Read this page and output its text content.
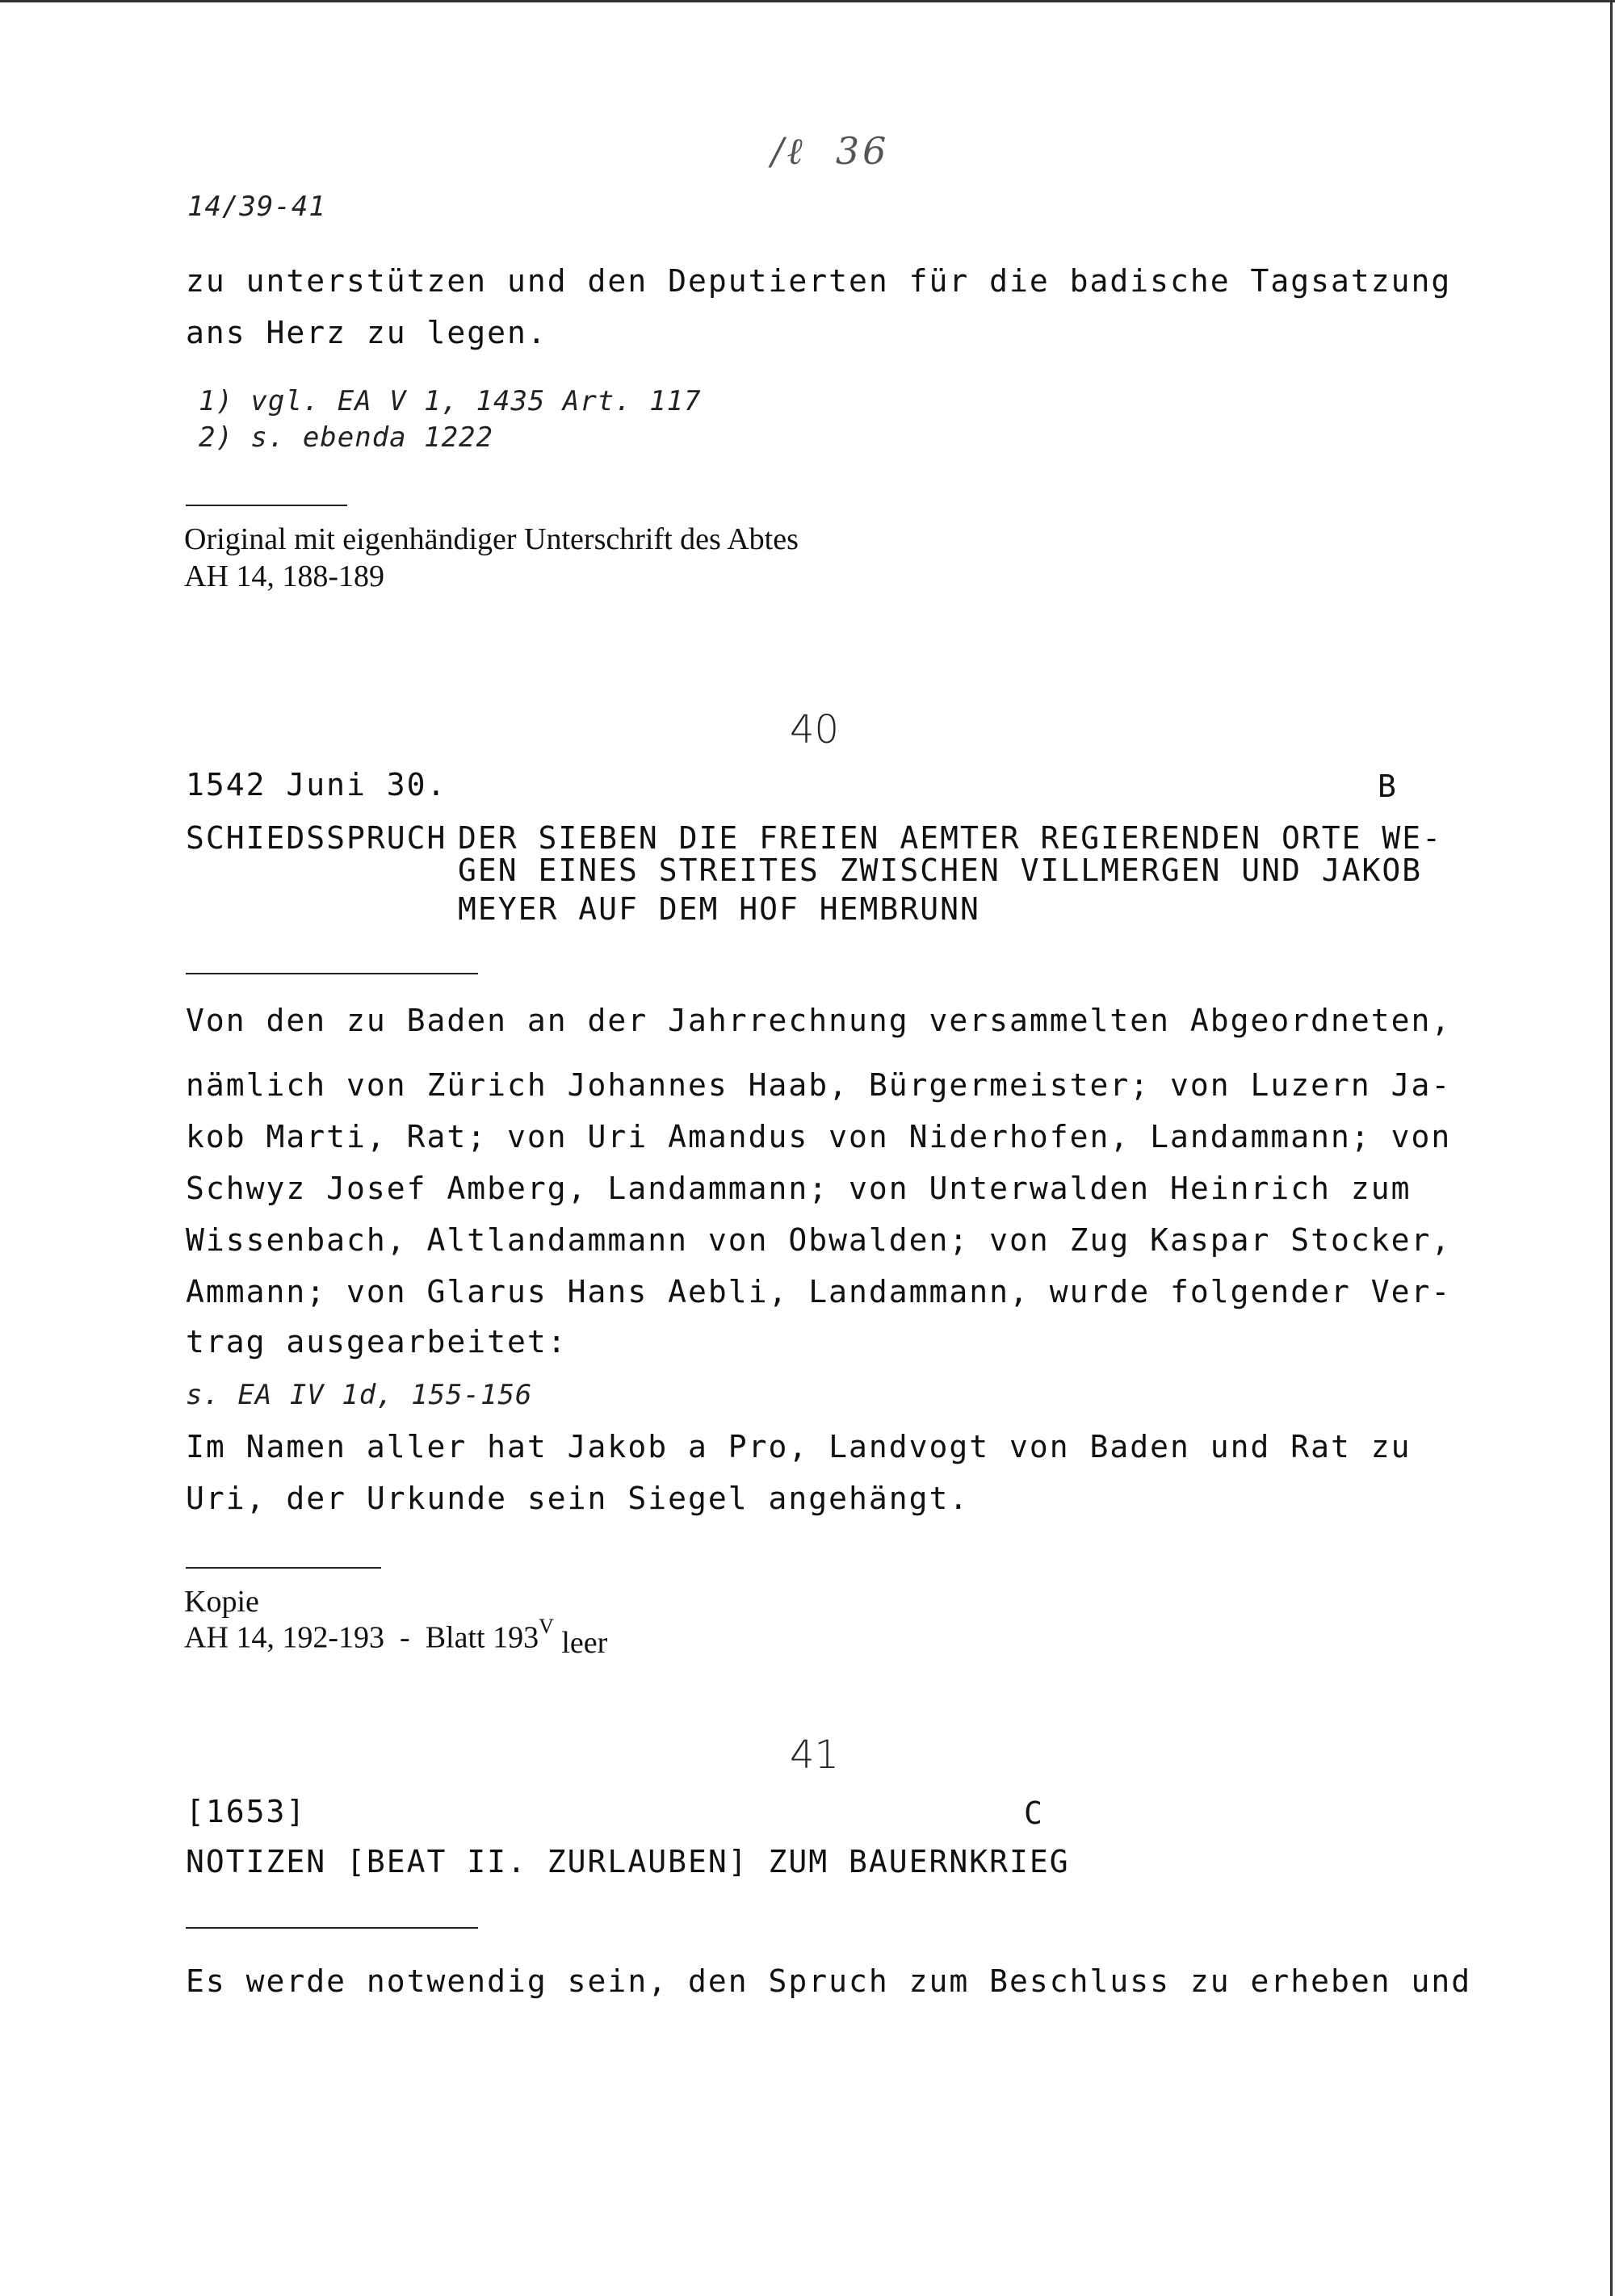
/ℓ  36
14/39-41
zu unterstützen und den Deputierten für die badische Tagsatzung
ans Herz zu legen.
1) vgl. EA V 1, 1435 Art. 117
2) s. ebenda 1222
Original mit eigenhändiger Unterschrift des Abtes
AH 14, 188-189
40
1542 Juni 30.	B
SCHIEDSSPRUCH DER SIEBEN DIE FREIEN AEMTER REGIERENDEN ORTE WE-
GEN EINES STREITES ZWISCHEN VILLMERGEN UND JAKOB
MEYER AUF DEM HOF HEMBRUNN
Von den zu Baden an der Jahrrechnung versammelten Abgeordneten,
nämlich von Zürich Johannes Haab, Bürgermeister; von Luzern Ja-
kob Marti, Rat; von Uri Amandus von Niderhofen, Landammann; von
Schwyz Josef Amberg, Landammann; von Unterwalden Heinrich zum
Wissenbach, Altlandammann von Obwalden; von Zug Kaspar Stocker,
Ammann; von Glarus Hans Aebli, Landammann, wurde folgender Ver-
trag ausgearbeitet:
s. EA IV 1d, 155-156
Im Namen aller hat Jakob a Pro, Landvogt von Baden und Rat zu
Uri, der Urkunde sein Siegel angehängt.
Kopie
AH 14, 192-193  -  Blatt $193^V$ leer
41
[1653]	C
NOTIZEN [BEAT II. ZURLAUBEN] ZUM BAUERNKRIEG
Es werde notwendig sein, den Spruch zum Beschluss zu erheben und
